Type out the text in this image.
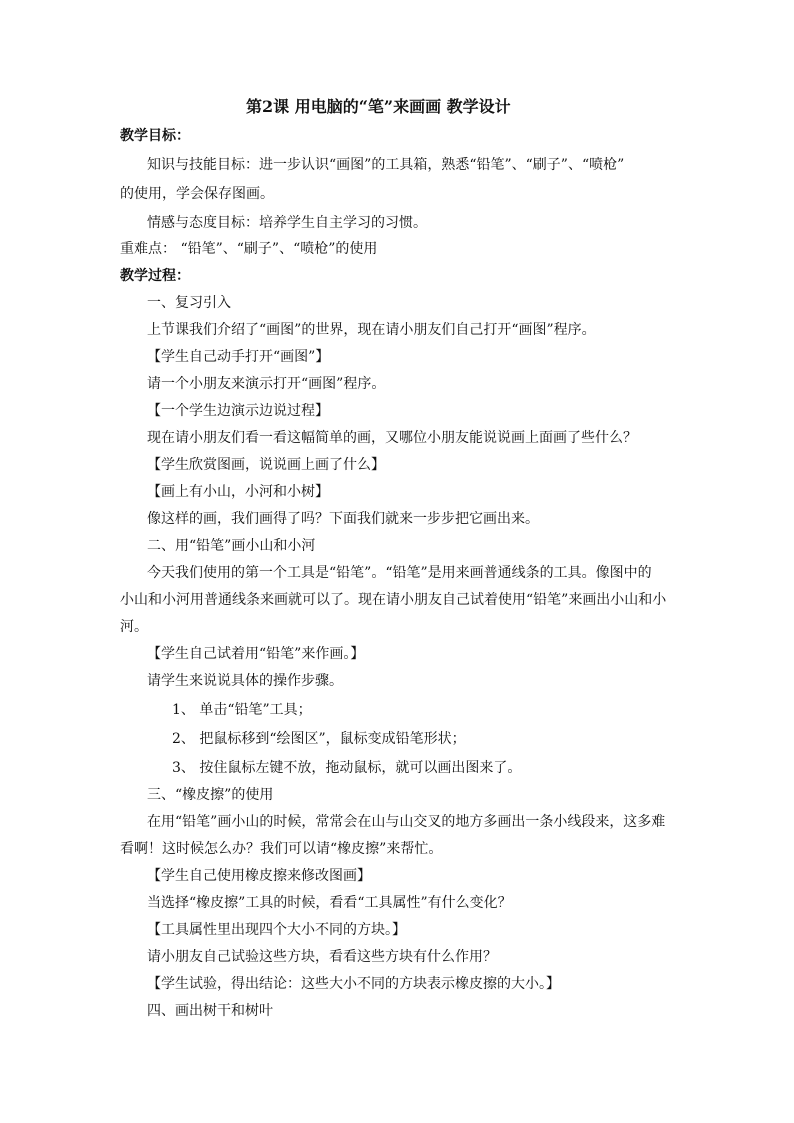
第2课 用电脑的“笔”来画画 教学设计
教学目标：
知识与技能目标：进一步认识“画图”的工具箱，熟悉“铅笔”、“刷子”、“喷枪”
的使用，学会保存图画。
情感与态度目标：培养学生自主学习的习惯。
重难点： “铅笔”、“刷子”、“喷枪”的使用
教学过程：
一、复习引入
上节课我们介绍了“画图”的世界，现在请小朋友们自己打开“画图”程序。
【学生自己动手打开“画图”】
请一个小朋友来演示打开“画图”程序。
【一个学生边演示边说过程】
现在请小朋友们看一看这幅简单的画，又哪位小朋友能说说画上面画了些什么？
【学生欣赏图画，说说画上画了什么】
【画上有小山，小河和小树】
像这样的画，我们画得了吗？下面我们就来一步步把它画出来。
二、用“铅笔”画小山和小河
今天我们使用的第一个工具是“铅笔”。“铅笔”是用来画普通线条的工具。像图中的
小山和小河用普通线条来画就可以了。现在请小朋友自己试着使用“铅笔”来画出小山和小
河。
【学生自己试着用“铅笔”来作画。】
请学生来说说具体的操作步骤。
1、 单击“铅笔”工具；
2、 把鼠标移到“绘图区”，鼠标变成铅笔形状；
3、 按住鼠标左键不放，拖动鼠标，就可以画出图来了。
三、“橡皮擦”的使用
在用“铅笔”画小山的时候，常常会在山与山交叉的地方多画出一条小线段来，这多难
看啊！这时候怎么办？我们可以请“橡皮擦”来帮忙。
【学生自己使用橡皮擦来修改图画】
当选择“橡皮擦”工具的时候，看看“工具属性”有什么变化？
【工具属性里出现四个大小不同的方块。】
请小朋友自己试验这些方块，看看这些方块有什么作用？
【学生试验，得出结论：这些大小不同的方块表示橡皮擦的大小。】
四、画出树干和树叶
